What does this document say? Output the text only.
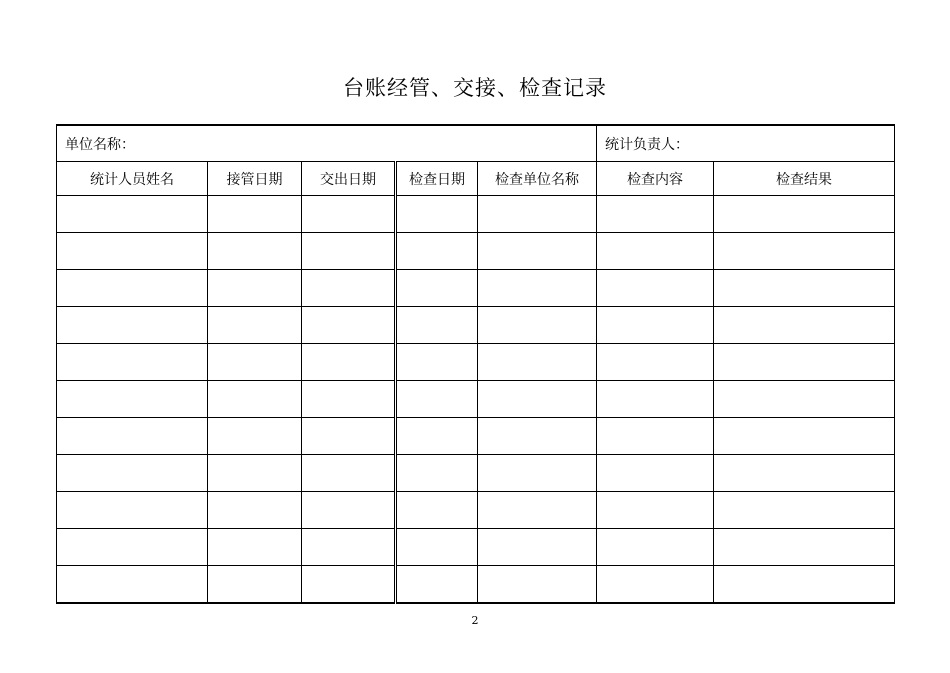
台账经管、交接、检查记录
单位名称：					统计负责人：	
统计人员姓名	接管日期	交出日期	检查日期	检查单位名称	检查内容	检查结果

2
